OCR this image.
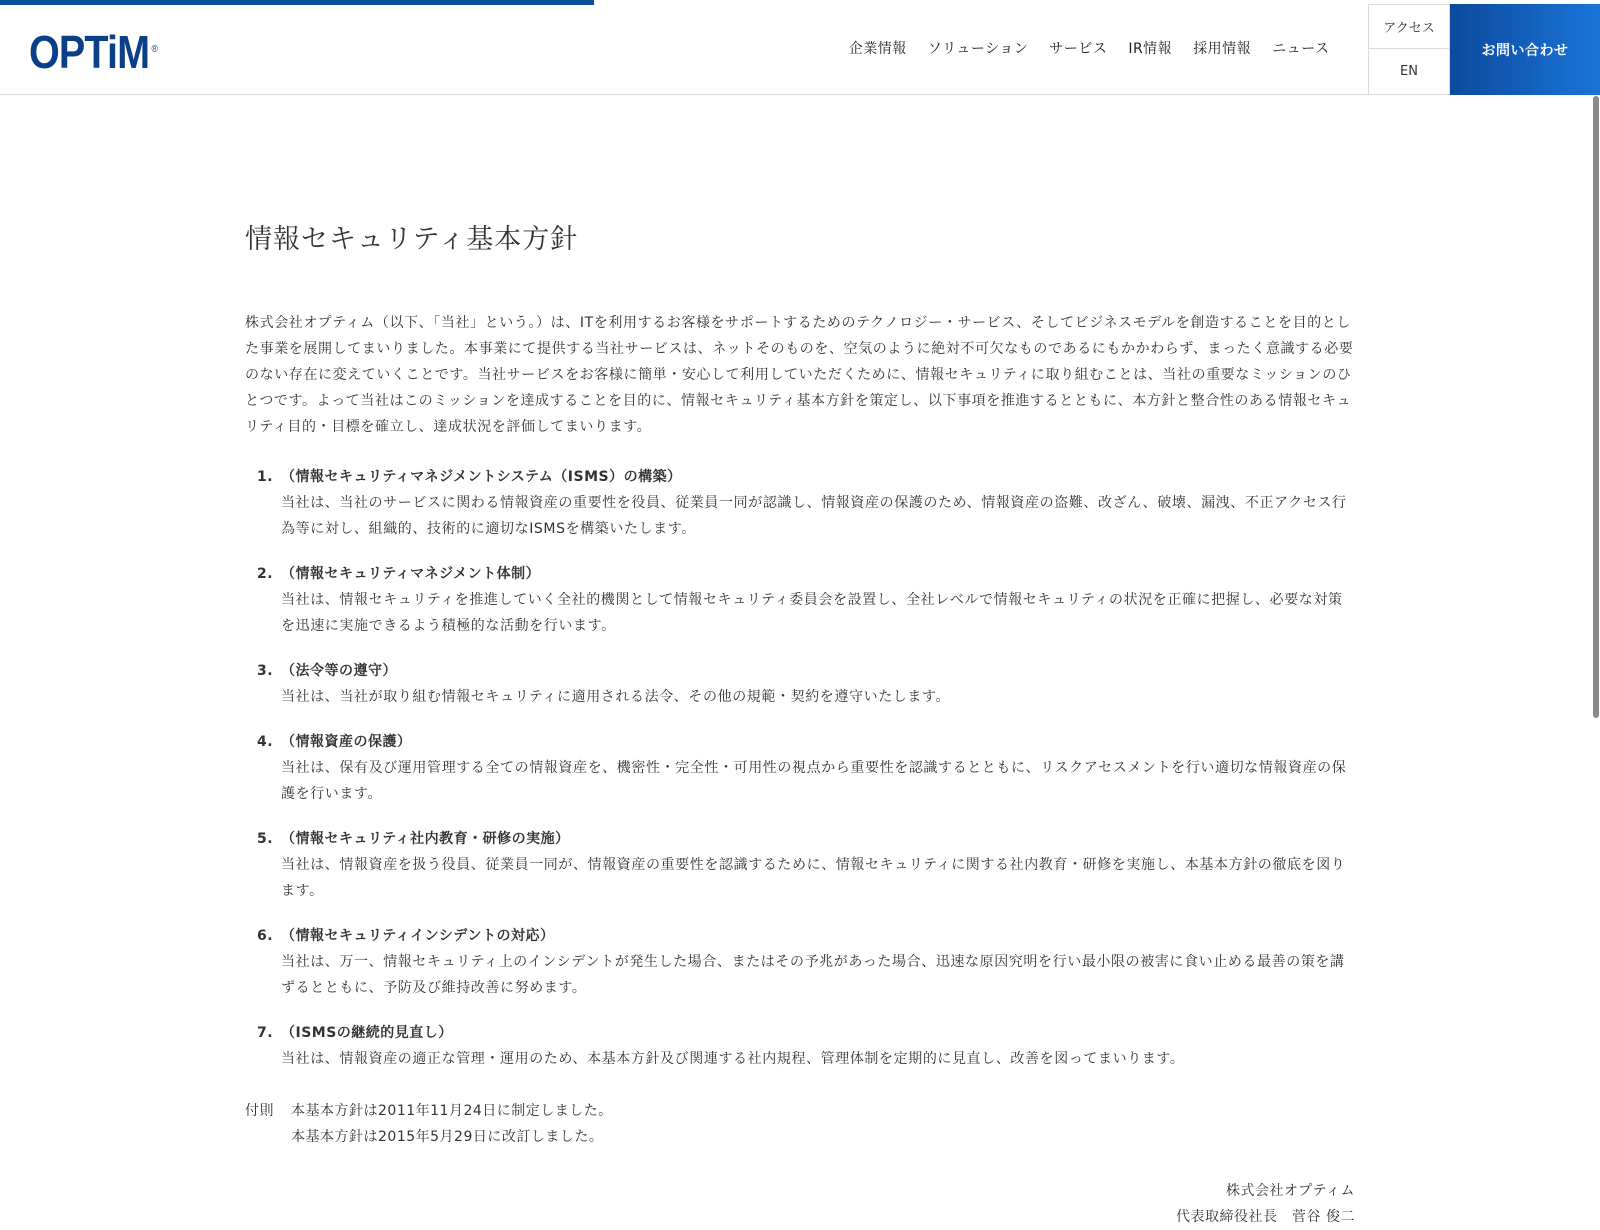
OPTiM ®	企業情報	ソリューション	サービス	IR情報	採用情報	ニュース
アクセス
EN
お問い合わせ
情報セキュリティ基本方針

株式会社オプティム（以下、「当社」という。）は、ITを利用するお客様をサポートするためのテクノロジー・サービス、そしてビジネスモデルを創造することを目的とした事業を展開してまいりました。本事業にて提供する当社サービスは、ネットそのものを、空気のように絶対不可欠なものであるにもかかわらず、まったく意識する必要のない存在に変えていくことです。当社サービスをお客様に簡単・安心して利用していただくために、情報セキュリティに取り組むことは、当社の重要なミッションのひとつです。よって当社はこのミッションを達成することを目的に、情報セキュリティ基本方針を策定し、以下事項を推進するとともに、本方針と整合性のある情報セキュリティ目的・目標を確立し、達成状況を評価してまいります。

1. （情報セキュリティマネジメントシステム（ISMS）の構築）
当社は、当社のサービスに関わる情報資産の重要性を役員、従業員一同が認識し、情報資産の保護のため、情報資産の盗難、改ざん、破壊、漏洩、不正アクセス行為等に対し、組織的、技術的に適切なISMSを構築いたします。
2. （情報セキュリティマネジメント体制）
当社は、情報セキュリティを推進していく全社的機関として情報セキュリティ委員会を設置し、全社レベルで情報セキュリティの状況を正確に把握し、必要な対策を迅速に実施できるよう積極的な活動を行います。
3. （法令等の遵守）
当社は、当社が取り組む情報セキュリティに適用される法令、その他の規範・契約を遵守いたします。
4. （情報資産の保護）
当社は、保有及び運用管理する全ての情報資産を、機密性・完全性・可用性の視点から重要性を認識するとともに、リスクアセスメントを行い適切な情報資産の保護を行います。
5. （情報セキュリティ社内教育・研修の実施）
当社は、情報資産を扱う役員、従業員一同が、情報資産の重要性を認識するために、情報セキュリティに関する社内教育・研修を実施し、本基本方針の徹底を図ります。
6. （情報セキュリティインシデントの対応）
当社は、万一、情報セキュリティ上のインシデントが発生した場合、またはその予兆があった場合、迅速な原因究明を行い最小限の被害に食い止める最善の策を講ずるとともに、予防及び維持改善に努めます。
7. （ISMSの継続的見直し）
当社は、情報資産の適正な管理・運用のため、本基本方針及び関連する社内規程、管理体制を定期的に見直し、改善を図ってまいります。
付則	本基本方針は2011年11月24日に制定しました。
本基本方針は2015年5月29日に改訂しました。
株式会社オプティム
代表取締役社長　菅谷 俊二
